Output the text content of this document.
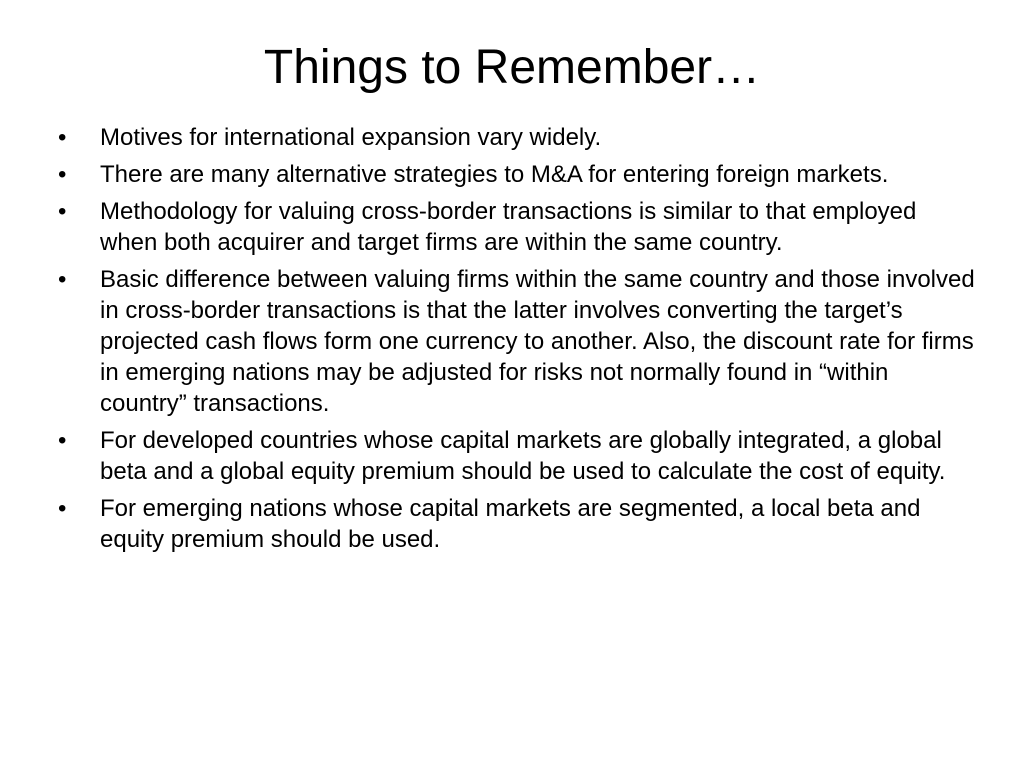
Things to Remember…
•	Motives for international expansion vary widely.
•	There are many alternative strategies to M&A for entering foreign markets.
•	Methodology for valuing cross-border transactions is similar to that employed when both acquirer and target firms are within the same country.
•	Basic difference between valuing firms within the same country and those involved in cross-border transactions is that the latter involves converting the target’s projected cash flows form one currency to another. Also, the discount rate for firms in emerging nations may be adjusted for risks not normally found in “within country” transactions.
•	For developed countries whose capital markets are globally integrated, a global beta and a global equity premium should be used to calculate the cost of equity.
•	For emerging nations whose capital markets are segmented, a local beta and equity premium should be used.
